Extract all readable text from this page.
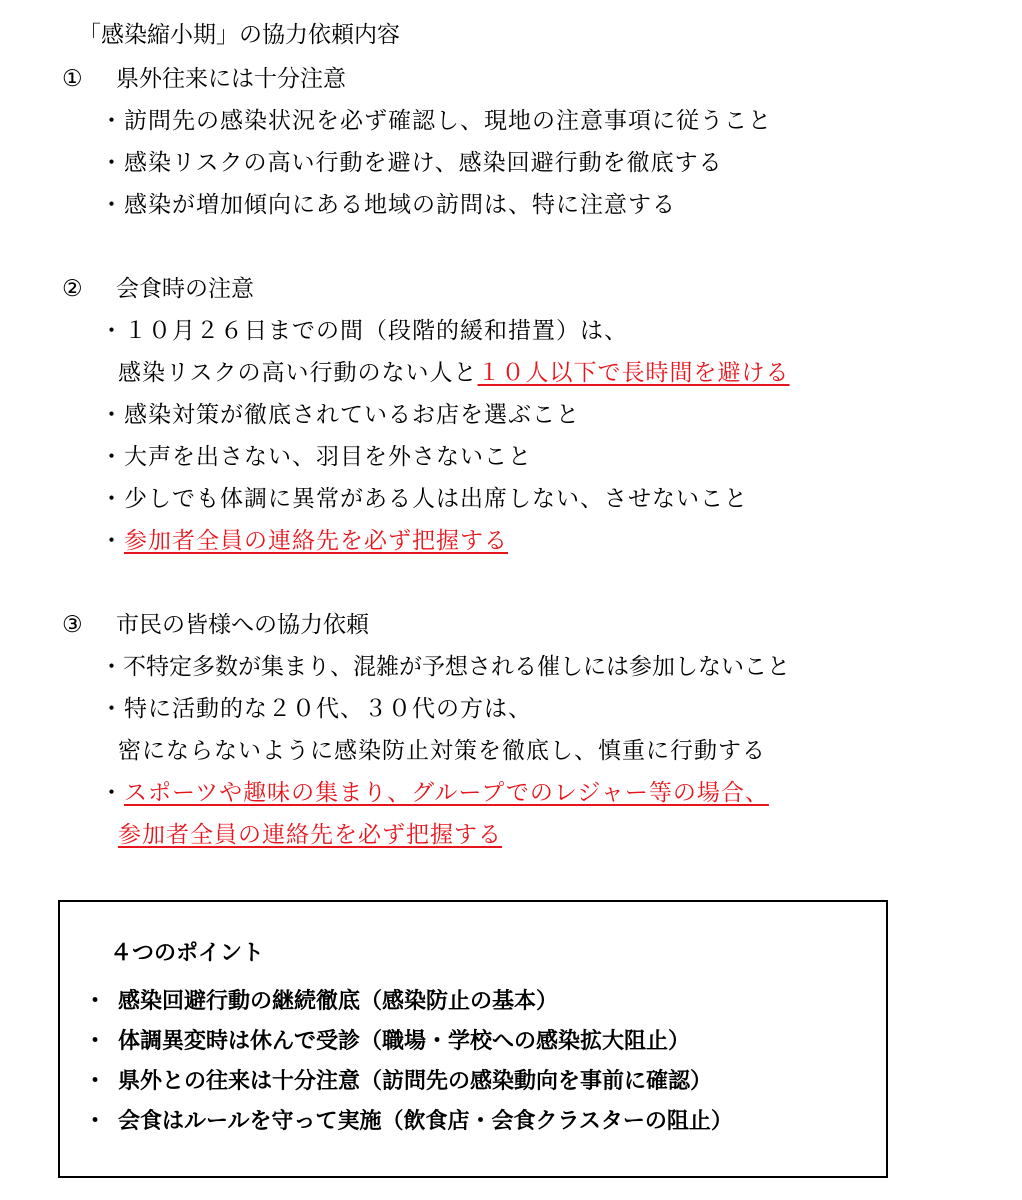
「感染縮小期」の協力依頼内容
① 県外往来には十分注意
・訪問先の感染状況を必ず確認し、現地の注意事項に従うこと
・感染リスクの高い行動を避け、感染回避行動を徹底する
・感染が増加傾向にある地域の訪問は、特に注意する
② 会食時の注意
・１０月２６日までの間（段階的緩和措置）は、
感染リスクの高い行動のない人と１０人以下で長時間を避ける
・感染対策が徹底されているお店を選ぶこと
・大声を出さない、羽目を外さないこと
・少しでも体調に異常がある人は出席しない、させないこと
・参加者全員の連絡先を必ず把握する
③ 市民の皆様への協力依頼
・不特定多数が集まり、混雑が予想される催しには参加しないこと
・特に活動的な２０代、３０代の方は、
密にならないように感染防止対策を徹底し、慎重に行動する
・スポーツや趣味の集まり、グループでのレジャー等の場合、
参加者全員の連絡先を必ず把握する
４つのポイント
・ 感染回避行動の継続徹底（感染防止の基本）
・ 体調異変時は休んで受診（職場・学校への感染拡大阻止）
・ 県外との往来は十分注意（訪問先の感染動向を事前に確認）
・ 会食はルールを守って実施（飲食店・会食クラスターの阻止）
